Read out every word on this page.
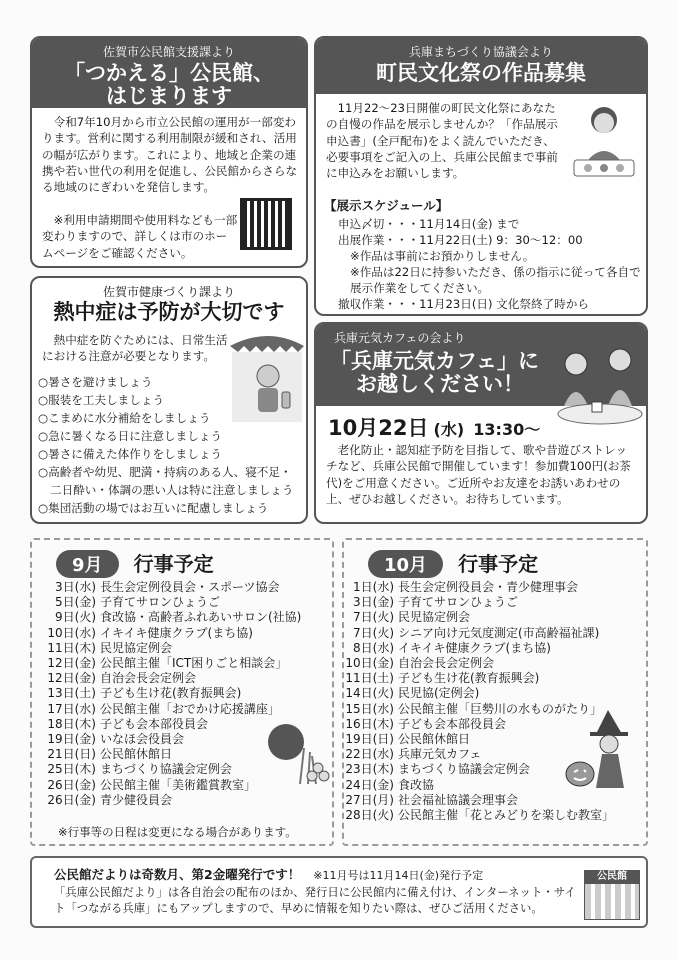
佐賀市公民館支援課より
「つかえる」公民館、
はじまります
令和7年10月から市立公民館の運用が一部変わります。営利に関する利用制限が緩和され、活用の幅が広がります。これにより、地域と企業の連携や若い世代の利用を促進し、公民館からさらなる地域のにぎわいを発信します。
※利用申請期間や使用料なども一部変わりますので、詳しくは市のホームページをご確認ください。
兵庫まちづくり協議会より
町民文化祭の作品募集
11月22〜23日開催の町民文化祭にあなたの自慢の作品を展示しませんか？「作品展示申込書」(全戸配布)をよく読んでいただき、必要事項をご記入の上、兵庫公民館まで事前に申込みをお願いします。
【展示スケジュール】
申込〆切・・・11月14日(金) まで
出展作業・・・11月22日(土) 9：30〜12：00
※作品は事前にお預かりしません。
※作品は22日に持参いただき、係の指示に従って各自で展示作業をしてください。
撤収作業・・・11月23日(日) 文化祭終了時から
佐賀市健康づくり課より
熱中症は予防が大切です
熱中症を防ぐためには、日常生活における注意が必要となります。
○暑さを避けましょう
○服装を工夫しましょう
○こまめに水分補給をしましょう
○急に暑くなる日に注意しましょう
○暑さに備えた体作りをしましょう
○高齢者や幼児、肥満・持病のある人、寝不足・
二日酔い・体調の悪い人は特に注意しましょう
○集団活動の場ではお互いに配慮しましょう
兵庫元気カフェの会より
「兵庫元気カフェ」に
お越しください！
10月22日 (水) 13:30〜
老化防止・認知症予防を目指して、歌や昔遊びストレッチなど、兵庫公民館で開催しています！参加費100円(お茶代)をご用意ください。ご近所やお友達をお誘いあわせの上、ぜひお越しください。お待ちしています。
9月 行事予定
3日(水) 長生会定例役員会・スポーツ協会
5日(金) 子育てサロンひょうご
9日(火) 食改協・高齢者ふれあいサロン(社協)
10日(水) イキイキ健康クラブ(まち協)
11日(木) 民児協定例会
12日(金) 公民館主催「ICT困りごと相談会」
12日(金) 自治会長会定例会
13日(土) 子ども生け花(教育振興会)
17日(水) 公民館主催「おでかけ応援講座」
18日(木) 子ども会本部役員会
19日(金) いなほ会役員会
21日(日) 公民館休館日
25日(木) まちづくり協議会定例会
26日(金) 公民館主催「美術鑑賞教室」
26日(金) 青少健役員会
※行事等の日程は変更になる場合があります。
10月 行事予定
1日(水) 長生会定例役員会・青少健理事会
3日(金) 子育てサロンひょうご
7日(火) 民児協定例会
7日(火) シニア向け元気度測定(市高齢福祉課)
8日(水) イキイキ健康クラブ(まち協)
10日(金) 自治会長会定例会
11日(土) 子ども生け花(教育振興会)
14日(火) 民児協(定例会)
15日(水) 公民館主催「巨勢川の水ものがたり」
16日(木) 子ども会本部役員会
19日(日) 公民館休館日
22日(水) 兵庫元気カフェ
23日(木) まちづくり協議会定例会
24日(金) 食改協
27日(月) 社会福祉協議会理事会
28日(火) 公民館主催「花とみどりを楽しむ教室」
公民館だよりは奇数月、第2金曜発行です！ ※11月号は11月14日(金)発行予定
「兵庫公民館だより」は各自治会の配布のほか、発行日に公民館内に備え付け、インターネット・サイト「つながる兵庫」にもアップしますので、早めに情報を知りたい際は、ぜひご活用ください。
公民館
